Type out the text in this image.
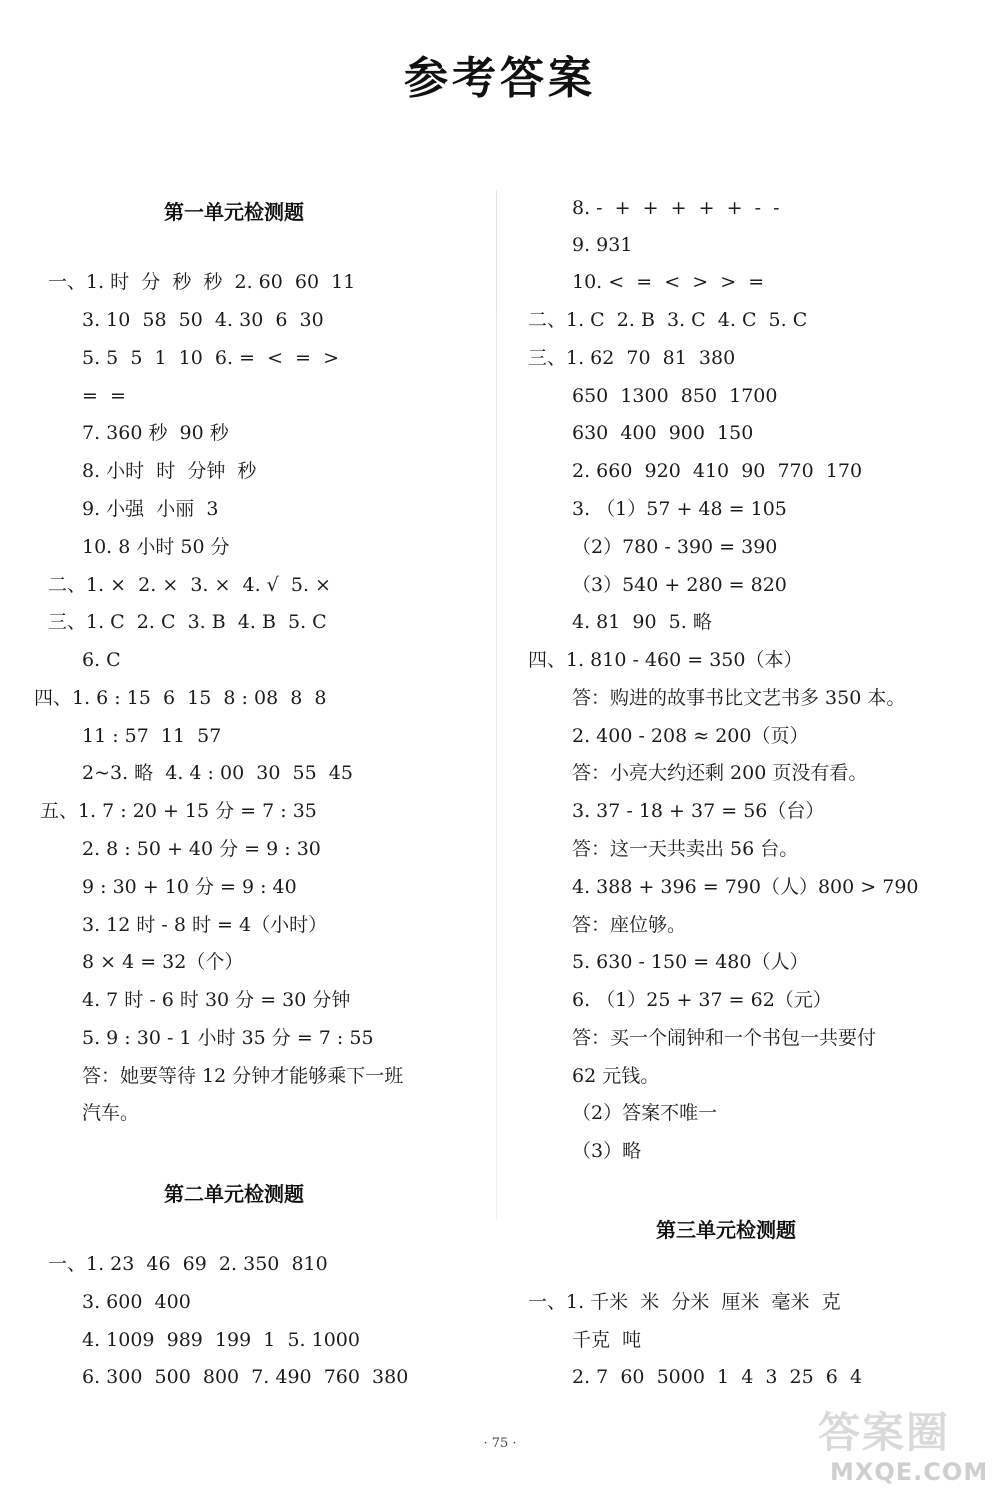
参考答案
第一单元检测题
一、1. 时  分  秒  秒  2. 60  60  11
3. 10  58  50  4. 30  6  30
5. 5  5  1  10  6. =  <  =  >
=  =
7. 360 秒  90 秒
8. 小时  时  分钟  秒
9. 小强  小丽  3
10. 8 小时 50 分
二、1. ×  2. ×  3. ×  4. √  5. ×
三、1. C  2. C  3. B  4. B  5. C
6. C
四、1. 6 : 15  6  15  8 : 08  8  8
11 : 57  11  57
2~3. 略  4. 4 : 00  30  55  45
五、1. 7 : 20 + 15 分 = 7 : 35
2. 8 : 50 + 40 分 = 9 : 30
9 : 30 + 10 分 = 9 : 40
3. 12 时 - 8 时 = 4（小时）
8 × 4 = 32（个）
4. 7 时 - 6 时 30 分 = 30 分钟
5. 9 : 30 - 1 小时 35 分 = 7 : 55
答：她要等待 12 分钟才能够乘下一班
汽车。
第二单元检测题
一、1. 23  46  69  2. 350  810
3. 600  400
4. 1009  989  199  1  5. 1000
6. 300  500  800  7. 490  760  380
8. -  +  +  +  +  +  -  -
9. 931
10. <  =  <  >  >  =
二、1. C  2. B  3. C  4. C  5. C
三、1. 62  70  81  380
650  1300  850  1700
630  400  900  150
2. 660  920  410  90  770  170
3. （1）57 + 48 = 105
（2）780 - 390 = 390
（3）540 + 280 = 820
4. 81  90  5. 略
四、1. 810 - 460 = 350（本）
答：购进的故事书比文艺书多 350 本。
2. 400 - 208 ≈ 200（页）
答：小亮大约还剩 200 页没有看。
3. 37 - 18 + 37 = 56（台）
答：这一天共卖出 56 台。
4. 388 + 396 = 790（人）800 > 790
答：座位够。
5. 630 - 150 = 480（人）
6. （1）25 + 37 = 62（元）
答：买一个闹钟和一个书包一共要付
62 元钱。
（2）答案不唯一
（3）略
第三单元检测题
一、1. 千米  米  分米  厘米  毫米  克
千克  吨
2. 7  60  5000  1  4  3  25  6  4
· 75 ·	答案圈
MXQE.COM
